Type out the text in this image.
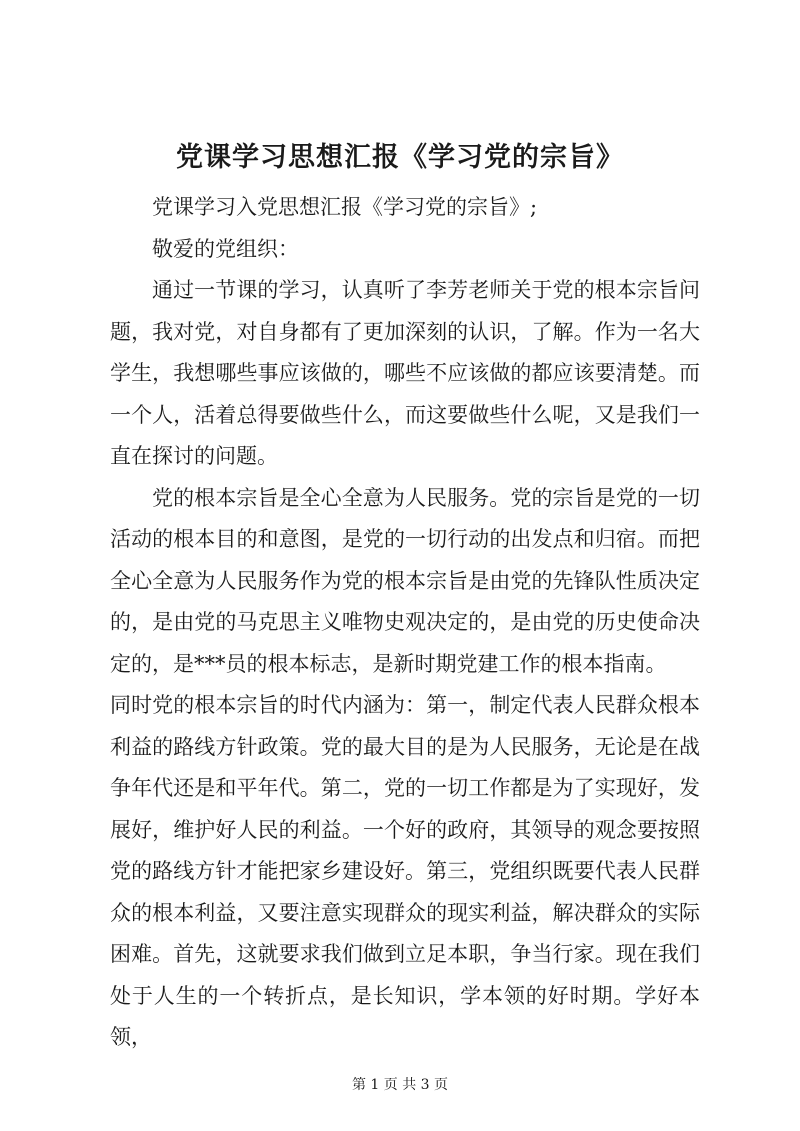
党课学习思想汇报《学习党的宗旨》

党课学习入党思想汇报《学习党的宗旨》;

敬爱的党组织：

通过一节课的学习，认真听了李芳老师关于党的根本宗旨问题，我对党，对自身都有了更加深刻的认识，了解。作为一名大学生，我想哪些事应该做的，哪些不应该做的都应该要清楚。而一个人，活着总得要做些什么，而这要做些什么呢，又是我们一直在探讨的问题。

党的根本宗旨是全心全意为人民服务。党的宗旨是党的一切活动的根本目的和意图，是党的一切行动的出发点和归宿。而把全心全意为人民服务作为党的根本宗旨是由党的先锋队性质决定的，是由党的马克思主义唯物史观决定的，是由党的历史使命决定的，是***员的根本标志，是新时期党建工作的根本指南。

同时党的根本宗旨的时代内涵为：第一，制定代表人民群众根本利益的路线方针政策。党的最大目的是为人民服务，无论是在战争年代还是和平年代。第二，党的一切工作都是为了实现好，发展好，维护好人民的利益。一个好的政府，其领导的观念要按照党的路线方针才能把家乡建设好。第三，党组织既要代表人民群众的根本利益，又要注意实现群众的现实利益，解决群众的实际困难。首先，这就要求我们做到立足本职，争当行家。现在我们处于人生的一个转折点，是长知识，学本领的好时期。学好本领，

第 1 页 共 3 页
